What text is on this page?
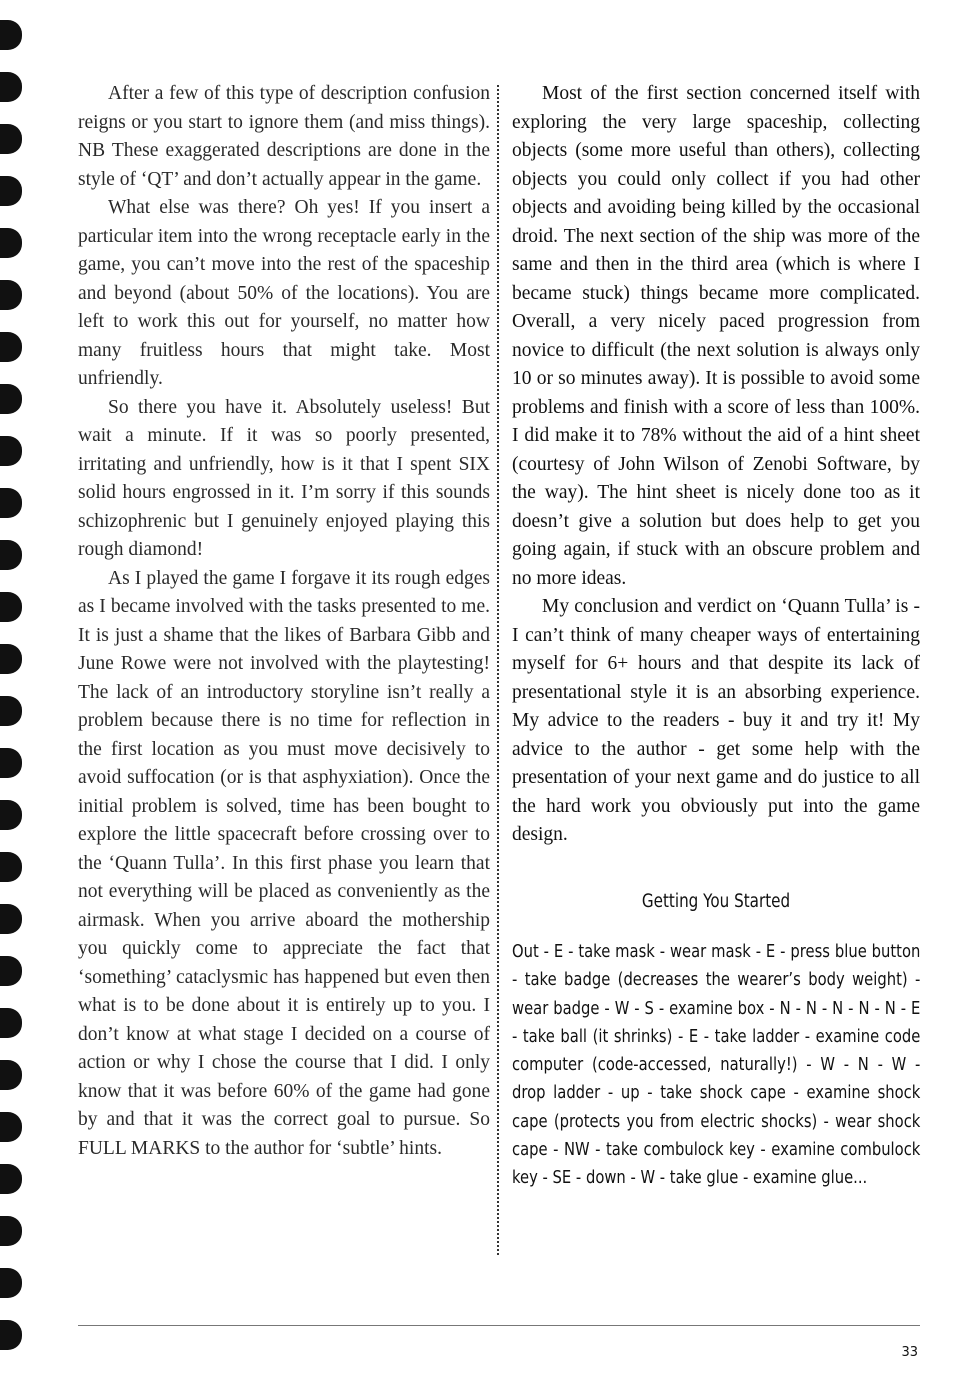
After a few of this type of description confusion reigns or you start to ignore them (and miss things). NB These exaggerated descriptions are done in the style of ‘QT’ and don’t actually appear in the game.

What else was there? Oh yes! If you insert a particular item into the wrong receptacle early in the game, you can’t move into the rest of the spaceship and beyond (about 50% of the locations). You are left to work this out for yourself, no matter how many fruitless hours that might take. Most unfriendly.

So there you have it. Absolutely useless! But wait a minute. If it was so poorly presented, irritating and unfriendly, how is it that I spent SIX solid hours engrossed in it. I’m sorry if this sounds schizophrenic but I genuinely enjoyed playing this rough diamond!

As I played the game I forgave it its rough edges as I became involved with the tasks presented to me. It is just a shame that the likes of Barbara Gibb and June Rowe were not involved with the playtesting! The lack of an introductory storyline isn’t really a problem because there is no time for reflection in the first location as you must move decisively to avoid suffocation (or is that asphyxiation). Once the initial problem is solved, time has been bought to explore the little spacecraft before crossing over to the ‘Quann Tulla’. In this first phase you learn that not everything will be placed as conveniently as the airmask. When you arrive aboard the mothership you quickly come to appreciate the fact that ‘something’ cataclysmic has happened but even then what is to be done about it is entirely up to you. I don’t know at what stage I decided on a course of action or why I chose the course that I did. I only know that it was before 60% of the game had gone by and that it was the correct goal to pursue. So FULL MARKS to the author for ‘subtle’ hints.

Most of the first section concerned itself with exploring the very large spaceship, collecting objects (some more useful than others), collecting objects you could only collect if you had other objects and avoiding being killed by the occasional droid. The next section of the ship was more of the same and then in the third area (which is where I became stuck) things became more complicated. Overall, a very nicely paced progression from novice to difficult (the next solution is always only 10 or so minutes away). It is possible to avoid some problems and finish with a score of less than 100%. I did make it to 78% without the aid of a hint sheet (courtesy of John Wilson of Zenobi Software, by the way). The hint sheet is nicely done too as it doesn’t give a solution but does help to get you going again, if stuck with an obscure problem and no more ideas.

My conclusion and verdict on ‘Quann Tulla’ is - I can’t think of many cheaper ways of entertaining myself for 6+ hours and that despite its lack of presentational style it is an absorbing experience. My advice to the readers - buy it and try it! My advice to the author - get some help with the presentation of your next game and do justice to all the hard work you obviously put into the game design.

Getting You Started
Out - E - take mask - wear mask - E - press blue button - take badge (decreases the wearer’s body weight) - wear badge - W - S - examine box - N - N - N - N - N - E - take ball (it shrinks) - E - take ladder - examine code computer (code-accessed, naturally!) - W - N - W - drop ladder - up - take shock cape - examine shock cape (protects you from electric shocks) - wear shock cape - NW - take combulock key - examine combulock key - SE - down - W - take glue - examine glue...
33
